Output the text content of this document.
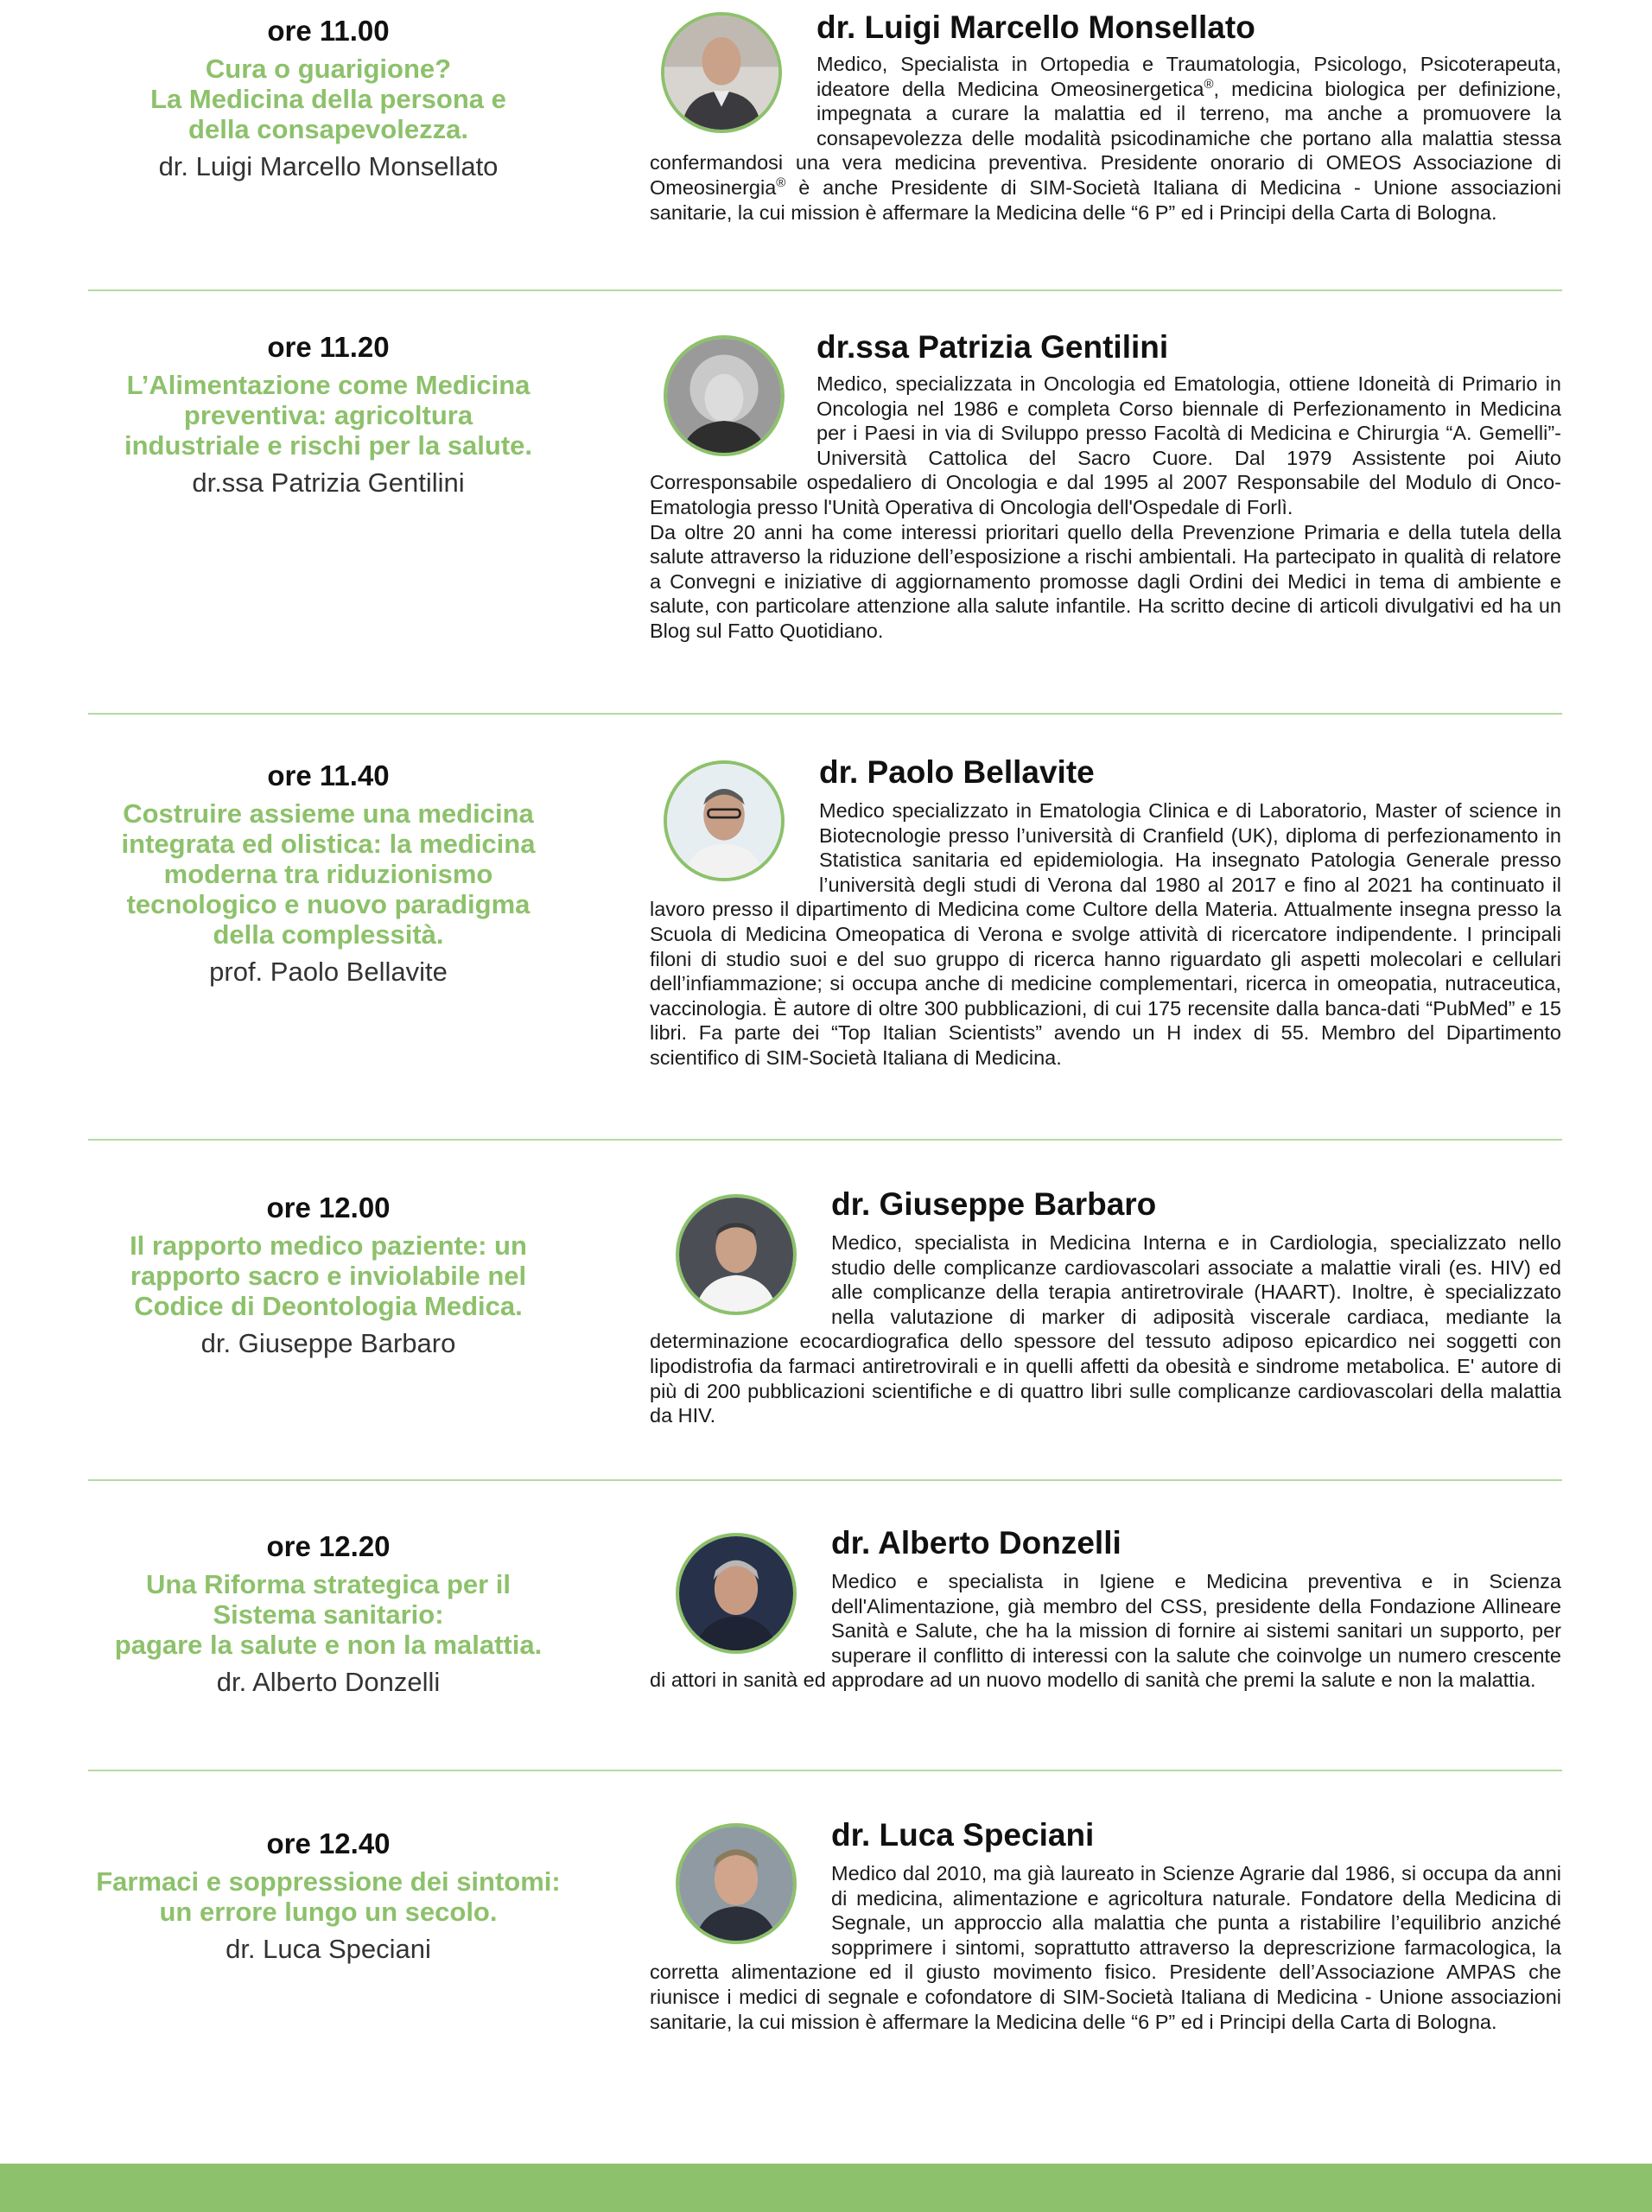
ore 11.00
Cura o guarigione?
La Medicina della persona e
della consapevolezza.
dr. Luigi Marcello Monsellato
dr. Luigi Marcello Monsellato
Medico, Specialista in Ortopedia e Traumatologia, Psicologo, Psicoterapeuta, ideatore della Medicina Omeosinergetica®, medicina biologica per definizione, impegnata a curare la malattia ed il terreno, ma anche a promuovere la consapevolezza delle modalità psicodinamiche che portano alla malattia stessa confermandosi una vera medicina preventiva. Presidente onorario di OMEOS Associazione di Omeosinergia® è anche Presidente di SIM-Società Italiana di Medicina - Unione associazioni sanitarie, la cui mission è affermare la Medicina delle “6 P” ed i Principi della Carta di Bologna.
ore 11.20
L’Alimentazione come Medicina
preventiva: agricoltura
industriale e rischi per la salute.
dr.ssa Patrizia Gentilini
dr.ssa Patrizia Gentilini
Medico, specializzata in Oncologia ed Ematologia, ottiene Idoneità di Primario in Oncologia nel 1986 e completa Corso biennale di Perfezionamento in Medicina per i Paesi in via di Sviluppo presso Facoltà di Medicina e Chirurgia “A. Gemelli”-Università Cattolica del Sacro Cuore. Dal 1979 Assistente poi Aiuto Corresponsabile ospedaliero di Oncologia e dal 1995 al 2007 Responsabile del Modulo di Onco-Ematologia presso l'Unità Operativa di Oncologia dell'Ospedale di Forlì.
Da oltre 20 anni ha come interessi prioritari quello della Prevenzione Primaria e della tutela della salute attraverso la riduzione dell’esposizione a rischi ambientali. Ha partecipato in qualità di relatore a Convegni e iniziative di aggiornamento promosse dagli Ordini dei Medici in tema di ambiente e salute, con particolare attenzione alla salute infantile. Ha scritto decine di articoli divulgativi ed ha un Blog sul Fatto Quotidiano.
ore 11.40
Costruire assieme una medicina
integrata ed olistica: la medicina
moderna tra riduzionismo
tecnologico e nuovo paradigma
della complessità.
prof. Paolo Bellavite
dr. Paolo Bellavite
Medico specializzato in Ematologia Clinica e di Laboratorio, Master of science in Biotecnologie presso l’università di Cranfield (UK), diploma di perfezionamento in Statistica sanitaria ed epidemiologia. Ha insegnato Patologia Generale presso l’università degli studi di Verona dal 1980 al 2017 e fino al 2021 ha continuato il lavoro presso il dipartimento di Medicina come Cultore della Materia. Attualmente insegna presso la Scuola di Medicina Omeopatica di Verona e svolge attività di ricercatore indipendente. I principali filoni di studio suoi e del suo gruppo di ricerca hanno riguardato gli aspetti molecolari e cellulari dell’infiammazione; si occupa anche di medicine complementari, ricerca in omeopatia, nutraceutica, vaccinologia. È autore di oltre 300 pubblicazioni, di cui 175 recensite dalla banca-dati “PubMed” e 15 libri. Fa parte dei “Top Italian Scientists” avendo un H index di 55. Membro del Dipartimento scientifico di SIM-Società Italiana di Medicina.
ore 12.00
Il rapporto medico paziente: un
rapporto sacro e inviolabile nel
Codice di Deontologia Medica.
dr. Giuseppe Barbaro
dr. Giuseppe Barbaro
Medico, specialista in Medicina Interna e in Cardiologia, specializzato nello studio delle complicanze cardiovascolari associate a malattie virali (es. HIV) ed alle complicanze della terapia antiretrovirale (HAART). Inoltre, è specializzato nella valutazione di marker di adiposità viscerale cardiaca, mediante la determinazione ecocardiografica dello spessore del tessuto adiposo epicardico nei soggetti con lipodistrofia da farmaci antiretrovirali e in quelli affetti da obesità e sindrome metabolica. E' autore di più di 200 pubblicazioni scientifiche e di quattro libri sulle complicanze cardiovascolari della malattia da HIV.
ore 12.20
Una Riforma strategica per il
Sistema sanitario:
pagare la salute e non la malattia.
dr. Alberto Donzelli
dr. Alberto Donzelli
Medico e specialista in Igiene e Medicina preventiva e in Scienza dell'Alimentazione, già membro del CSS, presidente della Fondazione Allineare Sanità e Salute, che ha la mission di fornire ai sistemi sanitari un supporto, per superare il conflitto di interessi con la salute che coinvolge un numero crescente di attori in sanità ed approdare ad un nuovo modello di sanità che premi la salute e non la malattia.
ore 12.40
Farmaci e soppressione dei sintomi:
un errore lungo un secolo.
dr. Luca Speciani
dr. Luca Speciani
Medico dal 2010, ma già laureato in Scienze Agrarie dal 1986, si occupa da anni di medicina, alimentazione e agricoltura naturale. Fondatore della Medicina di Segnale, un approccio alla malattia che punta a ristabilire l’equilibrio anziché sopprimere i sintomi, soprattutto attraverso la deprescrizione farmacologica, la corretta alimentazione ed il giusto movimento fisico. Presidente dell’Associazione AMPAS che riunisce i medici di segnale e cofondatore di SIM-Società Italiana di Medicina - Unione associazioni sanitarie, la cui mission è affermare la Medicina delle “6 P” ed i Principi della Carta di Bologna.
